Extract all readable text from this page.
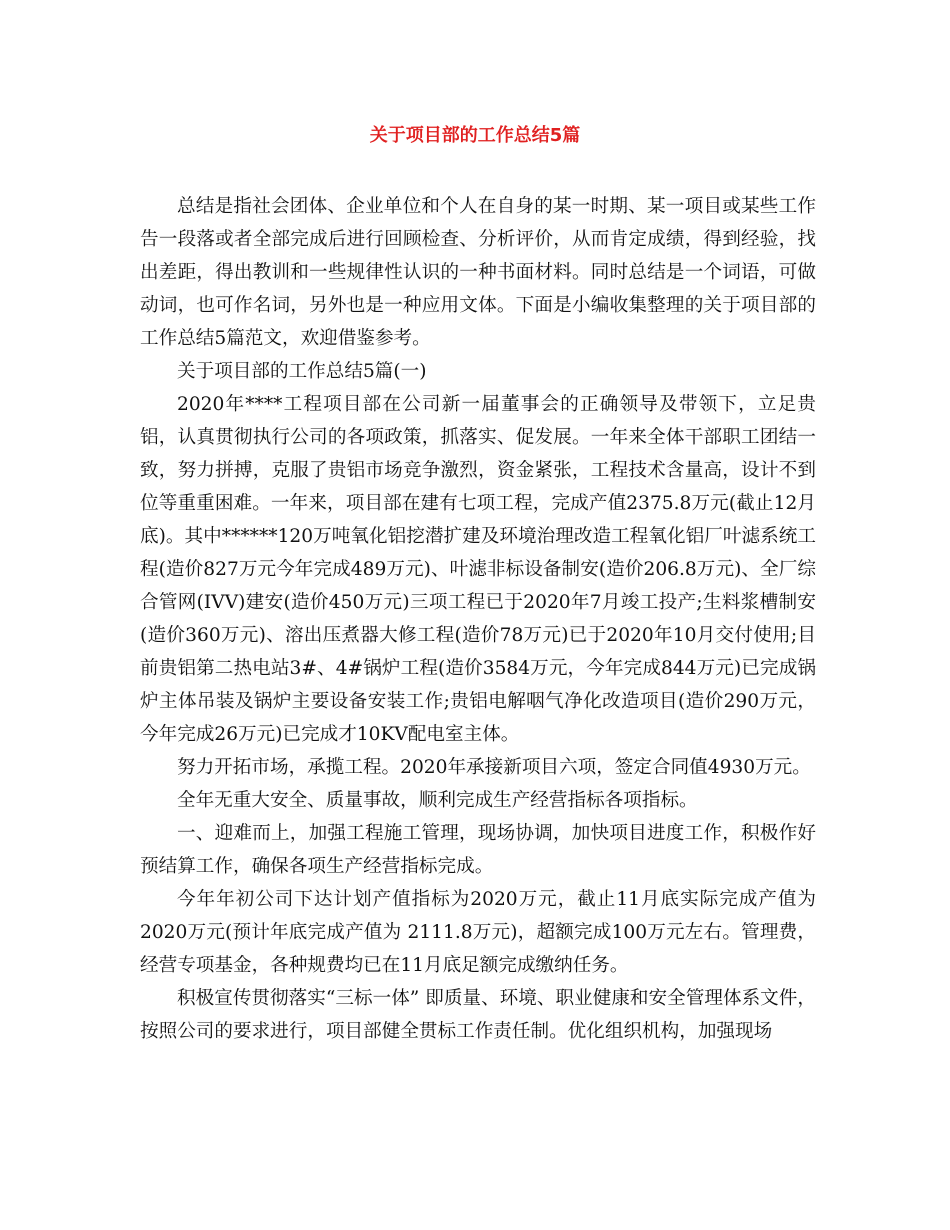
关于项目部的工作总结5篇

总结是指社会团体、企业单位和个人在自身的某一时期、某一项目或某些工作告一段落或者全部完成后进行回顾检查、分析评价，从而肯定成绩，得到经验，找出差距，得出教训和一些规律性认识的一种书面材料。同时总结是一个词语，可做动词，也可作名词，另外也是一种应用文体。下面是小编收集整理的关于项目部的工作总结5篇范文，欢迎借鉴参考。

关于项目部的工作总结5篇(一)

2020年****工程项目部在公司新一届董事会的正确领导及带领下，立足贵铝，认真贯彻执行公司的各项政策，抓落实、促发展。一年来全体干部职工团结一致，努力拼搏，克服了贵铝市场竞争激烈，资金紧张，工程技术含量高，设计不到位等重重困难。一年来，项目部在建有七项工程，完成产值2375.8万元(截止12月底)。其中******120万吨氧化铝挖潜扩建及环境治理改造工程氧化铝厂叶滤系统工程(造价827万元今年完成489万元)、叶滤非标设备制安(造价206.8万元)、全厂综合管网(IVV)建安(造价450万元)三项工程已于2020年7月竣工投产;生料浆槽制安(造价360万元)、溶出压煮器大修工程(造价78万元)已于2020年10月交付使用;目前贵铝第二热电站3#、4#锅炉工程(造价3584万元，今年完成844万元)已完成锅炉主体吊装及锅炉主要设备安装工作;贵铝电解咽气净化改造项目(造价290万元，今年完成26万元)已完成才10KV配电室主体。

努力开拓市场，承揽工程。2020年承接新项目六项，签定合同值4930万元。

全年无重大安全、质量事故，顺利完成生产经营指标各项指标。

一、迎难而上，加强工程施工管理，现场协调，加快项目进度工作，积极作好预结算工作，确保各项生产经营指标完成。

今年年初公司下达计划产值指标为2020万元，截止11月底实际完成产值为2020万元(预计年底完成产值为 2111.8万元)，超额完成100万元左右。管理费，经营专项基金，各种规费均已在11月底足额完成缴纳任务。

积极宣传贯彻落实“三标一体” 即质量、环境、职业健康和安全管理体系文件，按照公司的要求进行，项目部健全贯标工作责任制。优化组织机构，加强现场
